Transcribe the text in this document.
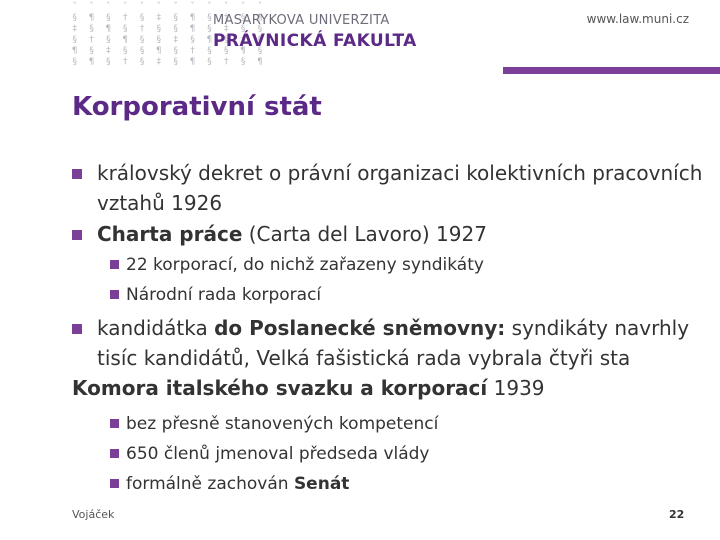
ˇ ˇ ˇ ˇ ˇ ˇ ˇ ˇ ˇ ˇ ˇ ˇ
§ ¶ § † § ‡ § ¶ § † § ¶
‡ § ¶ § † § § ¶ § ‡ § §
§ † § ¶ § § ‡ § ¶ § † §
¶ § ‡ § § ¶ § † § § ¶ §
§ ¶ § † § ‡ § ¶ § † § ¶
MASARYKOVA UNIVERZITA
PRÁVNICKÁ FAKULTA
www.law.muni.cz
Korporativní stát
královský dekret o právní organizaci kolektivních pracovních vztahů 1926
Charta práce (Carta del Lavoro) 1927
22 korporací, do nichž zařazeny syndikáty
Národní rada korporací
kandidátka do Poslanecké sněmovny: syndikáty navrhly tisíc kandidátů, Velká fašistická rada vybrala čtyři sta
Komora italského svazku a korporací 1939
bez přesně stanovených kompetencí
650 členů jmenoval předseda vlády
formálně zachován Senát
Vojáček	22
